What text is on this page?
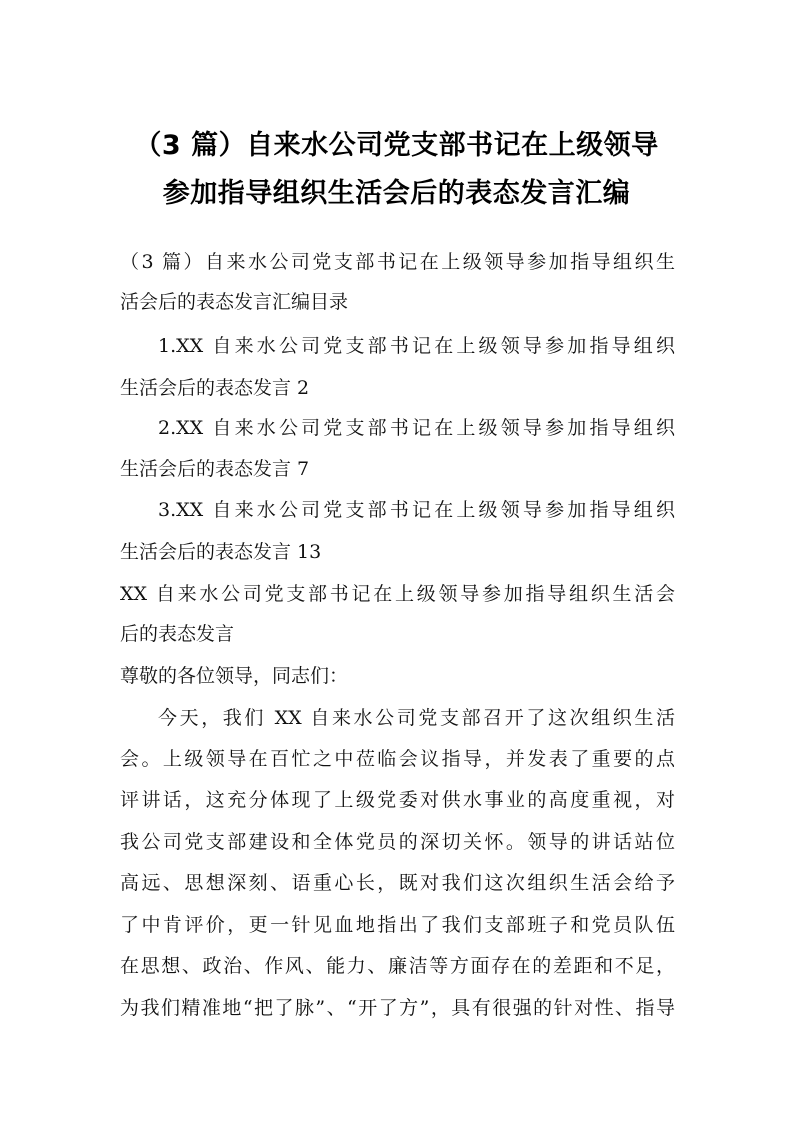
（3 篇）自来水公司党支部书记在上级领导
参加指导组织生活会后的表态发言汇编
（3 篇）自来水公司党支部书记在上级领导参加指导组织生
活会后的表态发言汇编目录
1.XX 自来水公司党支部书记在上级领导参加指导组织
生活会后的表态发言 2
2.XX 自来水公司党支部书记在上级领导参加指导组织
生活会后的表态发言 7
3.XX 自来水公司党支部书记在上级领导参加指导组织
生活会后的表态发言 13
XX 自来水公司党支部书记在上级领导参加指导组织生活会
后的表态发言
尊敬的各位领导，同志们：
今天，我们 XX 自来水公司党支部召开了这次组织生活
会。上级领导在百忙之中莅临会议指导，并发表了重要的点
评讲话，这充分体现了上级党委对供水事业的高度重视，对
我公司党支部建设和全体党员的深切关怀。领导的讲话站位
高远、思想深刻、语重心长，既对我们这次组织生活会给予
了中肯评价，更一针见血地指出了我们支部班子和党员队伍
在思想、政治、作风、能力、廉洁等方面存在的差距和不足，
为我们精准地“把了脉”、“开了方”，具有很强的针对性、指导
